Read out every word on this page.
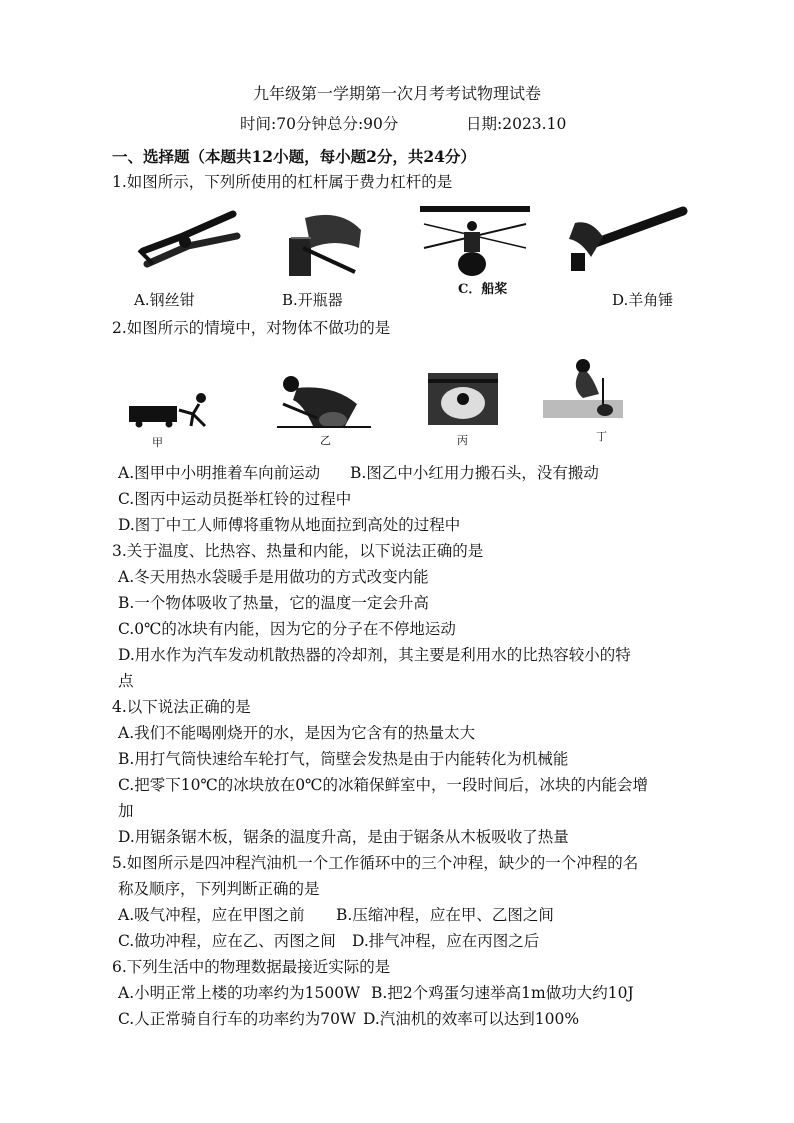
九年级第一学期第一次月考考试物理试卷
时间:70分钟总分:90分	日期:2023.10
一、选择题（本题共12小题，每小题2分，共24分）
1.如图所示，下列所使用的杠杆属于费力杠杆的是
A.钢丝钳	B.开瓶器
C．船桨
D.羊角锤
2.如图所示的情境中，对物体不做功的是
甲	乙	丙	丁
A.图甲中小明推着车向前运动 B.图乙中小红用力搬石头，没有搬动
C.图丙中运动员挺举杠铃的过程中
D.图丁中工人师傅将重物从地面拉到高处的过程中
3.关于温度、比热容、热量和内能，以下说法正确的是
A.冬天用热水袋暖手是用做功的方式改变内能
B.一个物体吸收了热量，它的温度一定会升高
C.0℃的冰块有内能，因为它的分子在不停地运动
D.用水作为汽车发动机散热器的冷却剂，其主要是利用水的比热容较小的特
点
4.以下说法正确的是
A.我们不能喝刚烧开的水，是因为它含有的热量太大
B.用打气筒快速给车轮打气，筒壁会发热是由于内能转化为机械能
C.把零下10℃的冰块放在0℃的冰箱保鲜室中，一段时间后，冰块的内能会增
加
D.用锯条锯木板，锯条的温度升高，是由于锯条从木板吸收了热量
5.如图所示是四冲程汽油机一个工作循环中的三个冲程，缺少的一个冲程的名
称及顺序，下列判断正确的是
A.吸气冲程，应在甲图之前 B.压缩冲程，应在甲、乙图之间
C.做功冲程，应在乙、丙图之间 D.排气冲程，应在丙图之后
6.下列生活中的物理数据最接近实际的是
A.小明正常上楼的功率约为1500W B.把2个鸡蛋匀速举高1m做功大约10J
C.人正常骑自行车的功率约为70W D.汽油机的效率可以达到100%
